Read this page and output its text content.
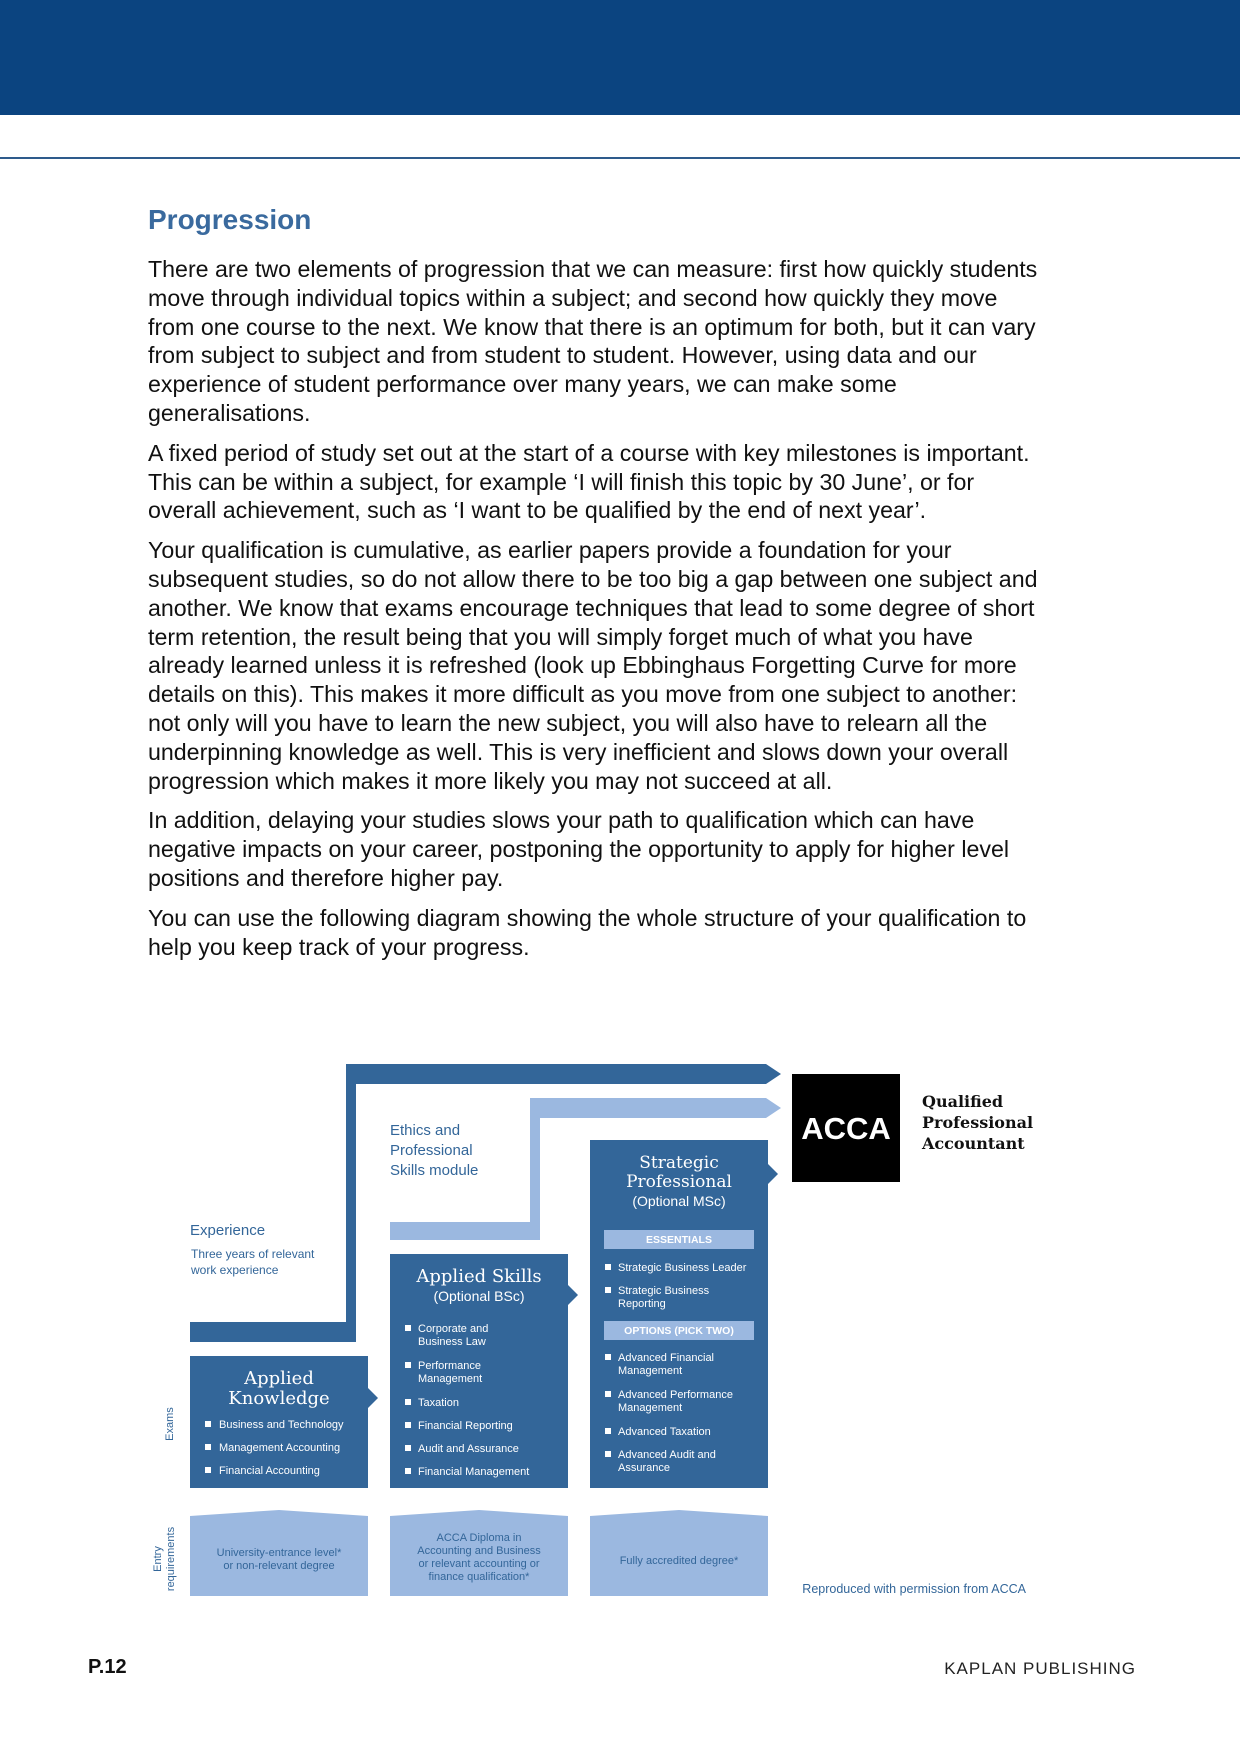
Progression

There are two elements of progression that we can measure: first how quickly students move through individual topics within a subject; and second how quickly they move from one course to the next. We know that there is an optimum for both, but it can vary from subject to subject and from student to student. However, using data and our experience of student performance over many years, we can make some generalisations.

A fixed period of study set out at the start of a course with key milestones is important. This can be within a subject, for example ‘I will finish this topic by 30 June’, or for overall achievement, such as ‘I want to be qualified by the end of next year’.

Your qualification is cumulative, as earlier papers provide a foundation for your subsequent studies, so do not allow there to be too big a gap between one subject and another. We know that exams encourage techniques that lead to some degree of short term retention, the result being that you will simply forget much of what you have already learned unless it is refreshed (look up Ebbinghaus Forgetting Curve for more details on this). This makes it more difficult as you move from one subject to another: not only will you have to learn the new subject, you will also have to relearn all the underpinning knowledge as well. This is very inefficient and slows down your overall progression which makes it more likely you may not succeed at all.

In addition, delaying your studies slows your path to qualification which can have negative impacts on your career, postponing the opportunity to apply for higher level positions and therefore higher pay.

You can use the following diagram showing the whole structure of your qualification to help you keep track of your progress.

Experience
Three years of relevant
work experience
Ethics and
Professional
Skills module
Applied
Knowledge
Business and Technology
Management Accounting
Financial Accounting
Applied Skills
(Optional BSc)
Corporate and
Business Law
Performance
Management
Taxation
Financial Reporting
Audit and Assurance
Financial Management
Strategic
Professional
(Optional MSc)
ESSENTIALS
Strategic Business Leader
Strategic Business
Reporting
OPTIONS (PICK TWO)
Advanced Financial
Management
Advanced Performance
Management
Advanced Taxation
Advanced Audit and
Assurance
ACCA
Qualified
Professional
Accountant
Exams
Entry requirements	University-entrance level*
or non-relevant degree
ACCA Diploma in
Accounting and Business
or relevant accounting or
finance qualification*
Fully accredited degree*
Reproduced with permission from ACCA
P.12	KAPLAN PUBLISHING
